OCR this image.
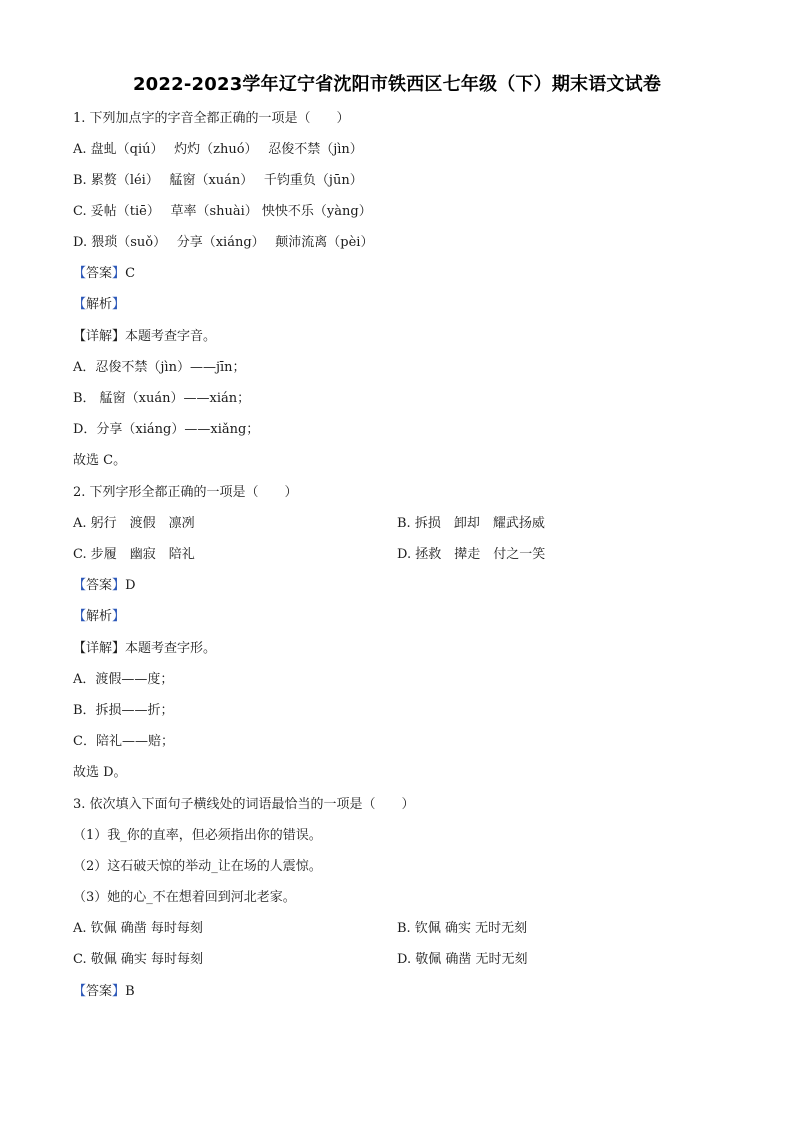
2022-2023学年辽宁省沈阳市铁西区七年级（下）期末语文试卷
1. 下列加点字的字音全都正确的一项是（　　）
A. 盘虬（qiú）　 灼灼（zhuó）　 忍俊不禁（jìn）
B. 累赘（léi）　 艋窗（xuán）　 千钧重负（jūn）
C. 妥帖（tiē）　 草率（shuài） 怏怏不乐（yàng）
D. 猥琐（suǒ）　 分享（xiáng）　 颠沛流离（pèi）
【答案】C
【解析】
【详解】本题考查字音。
A．忍俊不禁（jìn）——jīn；
B． 艋窗（xuán）——xián；
D．分享（xiáng）——xiǎng；
故选 C。
2. 下列字形全都正确的一项是（　　）
A. 躬行　渡假　凛冽	B. 拆损　卸却　耀武扬威
C. 步履　幽寂　陪礼	D. 拯救　撵走　付之一笑
【答案】D
【解析】
【详解】本题考查字形。
A．渡假——度；
B．拆损——折；
C．陪礼——赔；
故选 D。
3. 依次填入下面句子横线处的词语最恰当的一项是（　　）
（1）我_你的直率，但必须指出你的错误。
（2）这石破天惊的举动_让在场的人震惊。
（3）她的心_不在想着回到河北老家。
A. 钦佩 确凿 每时每刻	B. 钦佩 确实 无时无刻
C. 敬佩 确实 每时每刻	D. 敬佩 确凿 无时无刻
【答案】B
